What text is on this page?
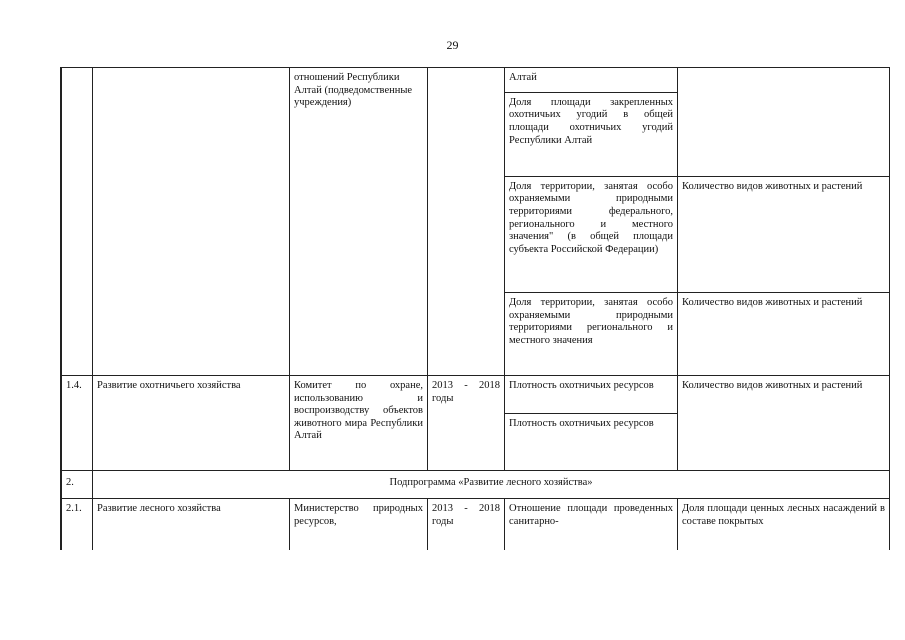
29
		отношений Республики Алтай (подведомственные учреждения)		Алтай	
				Доля площади закрепленных охотничьих угодий в общей площади охотничьих угодий Республики Алтай	
				Доля территории, занятая особо охраняемыми природными территориями федерального, регионального и местного значения" (в общей площади субъекта Российской Федерации)	Количество видов животных и растений
				Доля территории, занятая особо охраняемыми природными территориями регионального и местного значения	Количество видов животных и растений
1.4.	Развитие охотничьего хозяйства	Комитет по охране, использованию и воспроизводству объектов животного мира Республики Алтай	2013 - 2018 годы	Плотность охотничьих ресурсов	Количество видов животных и растений
				Плотность охотничьих ресурсов	
2.	Подпрограмма «Развитие лесного хозяйства»				
2.1.	Развитие лесного хозяйства	Министерство природных ресурсов,	2013 - 2018 годы	Отношение площади проведенных санитарно-	Доля площади ценных лесных насаждений в составе покрытых
